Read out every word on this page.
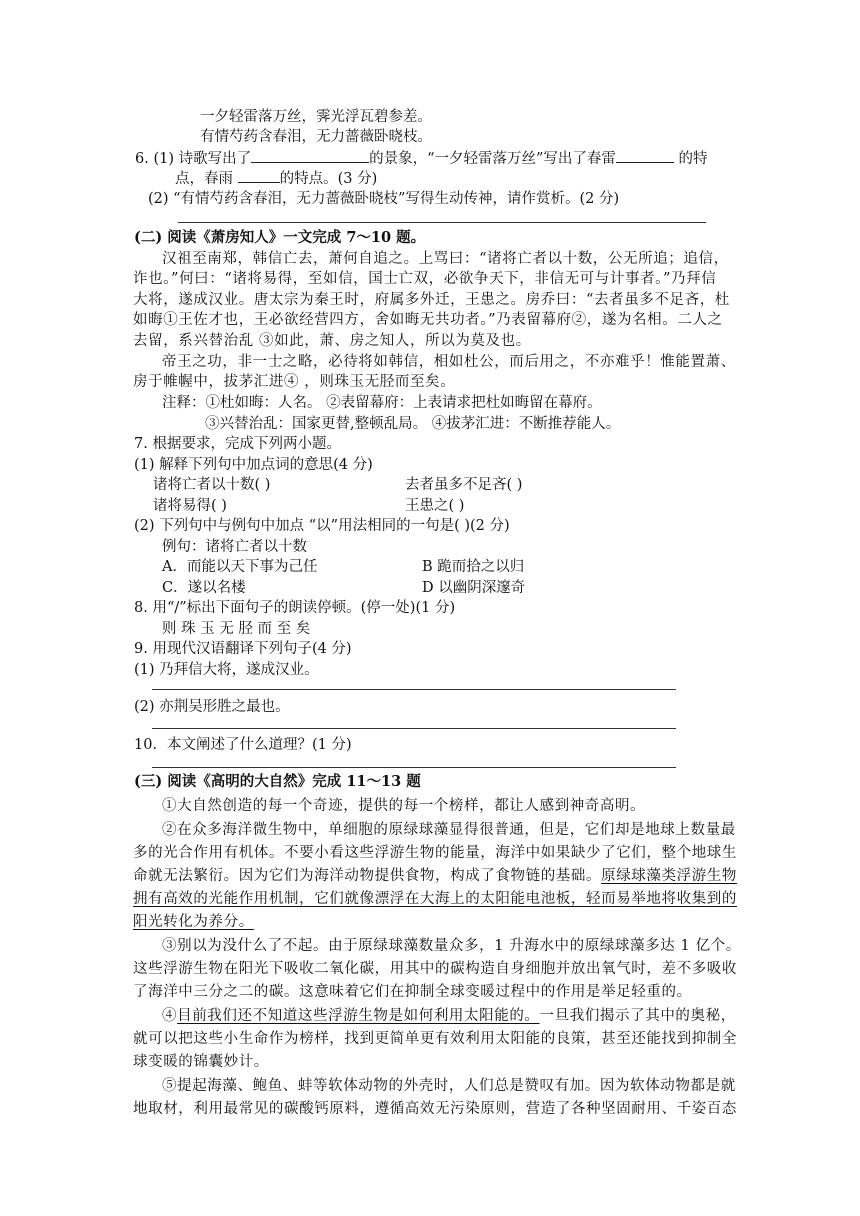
一夕轻雷落万丝，霁光浮瓦碧参差。
有情芍药含春泪，无力蔷薇卧晓枝。
6. (1) 诗歌写出了	的景象，“一夕轻雷落万丝”写出了春雷	的特
点，春雨	的特点。(3 分)
(2) “有情芍药含春泪，无力蔷薇卧晓枝”写得生动传神，请作赏析。(2 分)
(二) 阅读《萧房知人》一文完成 7～10 题。
汉祖至南郑，韩信亡去，萧何自追之。上骂曰：“诸将亡者以十数，公无所追；追信，
诈也。”何曰：“诸将易得，至如信，国士亡双，必欲争天下，非信无可与计事者。”乃拜信
大将，遂成汉业。唐太宗为秦王时，府属多外迁，王患之。房乔曰：“去者虽多不足吝，杜
如晦①王佐才也，王必欲经营四方，舍如晦无共功者。”乃表留幕府②，遂为名相。二人之
去留，系兴替治乱 ③如此，萧、房之知人，所以为莫及也。
帝王之功，非一士之略，必待将如韩信，相如杜公，而后用之，不亦难乎！惟能置萧、
房于帷幄中，拔茅汇进④ ，则珠玉无胫而至矣。
注释：①杜如晦：人名。 ②表留幕府：上表请求把杜如晦留在幕府。
③兴替治乱：国家更替,整顿乱局。 ④拔茅汇进：不断推荐能人。
7. 根据要求，完成下列两小题。
(1) 解释下列句中加点词的意思(4 分)
诸将亡者以十数( )	去者虽多不足吝( )
诸将易得( )	王患之( )
(2) 下列句中与例句中加点 “以”用法相同的一句是( )(2 分)
例句：诸将亡者以十数
A．而能以天下事为己任	B 跪而拾之以归
C．遂以名楼	D 以幽阴深邃奇
8. 用“/”标出下面句子的朗读停顿。(停一处)(1 分)
则 珠 玉 无 胫 而 至 矣
9. 用现代汉语翻译下列句子(4 分)
(1) 乃拜信大将，遂成汉业。
(2) 亦荆吴形胜之最也。
10．本文阐述了什么道理？(1 分)
(三) 阅读《高明的大自然》完成 11～13 题
①大自然创造的每一个奇迹，提供的每一个榜样，都让人感到神奇高明。
②在众多海洋微生物中，单细胞的原绿球藻显得很普通，但是，它们却是地球上数量最
多的光合作用有机体。不要小看这些浮游生物的能量，海洋中如果缺少了它们，整个地球生
命就无法繁衍。因为它们为海洋动物提供食物，构成了食物链的基础。原绿球藻类浮游生物
拥有高效的光能作用机制，它们就像漂浮在大海上的太阳能电池板，轻而易举地将收集到的
阳光转化为养分。
③别以为没什么了不起。由于原绿球藻数量众多，1 升海水中的原绿球藻多达 1 亿个。
这些浮游生物在阳光下吸收二氧化碳，用其中的碳构造自身细胞并放出氧气时，差不多吸收
了海洋中三分之二的碳。这意味着它们在抑制全球变暖过程中的作用是举足轻重的。
④目前我们还不知道这些浮游生物是如何利用太阳能的。一旦我们揭示了其中的奥秘，
就可以把这些小生命作为榜样，找到更简单更有效利用太阳能的良策，甚至还能找到抑制全
球变暖的锦囊妙计。
⑤提起海藻、鲍鱼、蚌等软体动物的外壳时，人们总是赞叹有加。因为软体动物都是就
地取材，利用最常见的碳酸钙原料，遵循高效无污染原则，营造了各种坚固耐用、千姿百态
